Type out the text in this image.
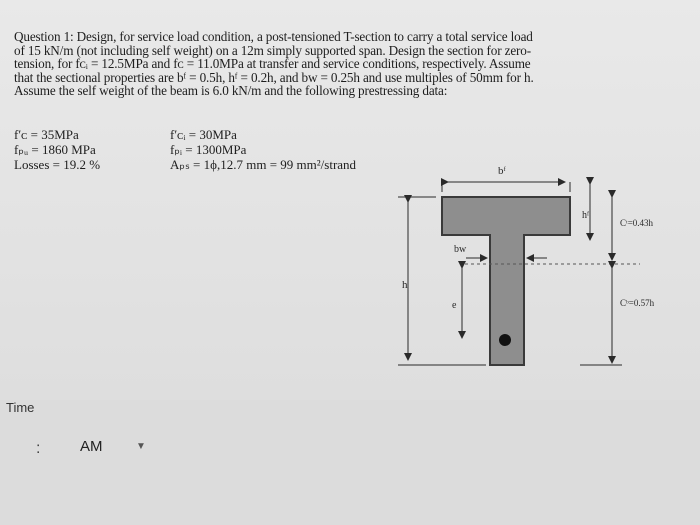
Question 1: Design, for service load condition, a post-tensioned T-section to carry a total service load
of 15 kN/m (not including self weight) on a 12m simply supported span. Design the section for zero-
tension, for fᴄᵢ = 12.5MPa and fᴄ = 11.0MPa at transfer and service conditions, respectively. Assume
that the sectional properties are bᶠ = 0.5h, hᶠ = 0.2h, and bᴡ = 0.25h and use multiples of 50mm for h.
Assume the self weight of the beam is 6.0 kN/m and the following prestressing data:
f′ᴄ = 35MPa
fₚᵤ = 1860 MPa
Losses = 19.2 %
f′ᴄᵢ = 30MPa
fₚᵢ = 1300MPa
Aₚₛ = 1ϕ,12.7 mm = 99 mm²/strand	bᶠ
hᶠ
Cᵗ=0.43h
bᴡ
h
e	Cᵇ=0.57h
Time
:	AM	▼
